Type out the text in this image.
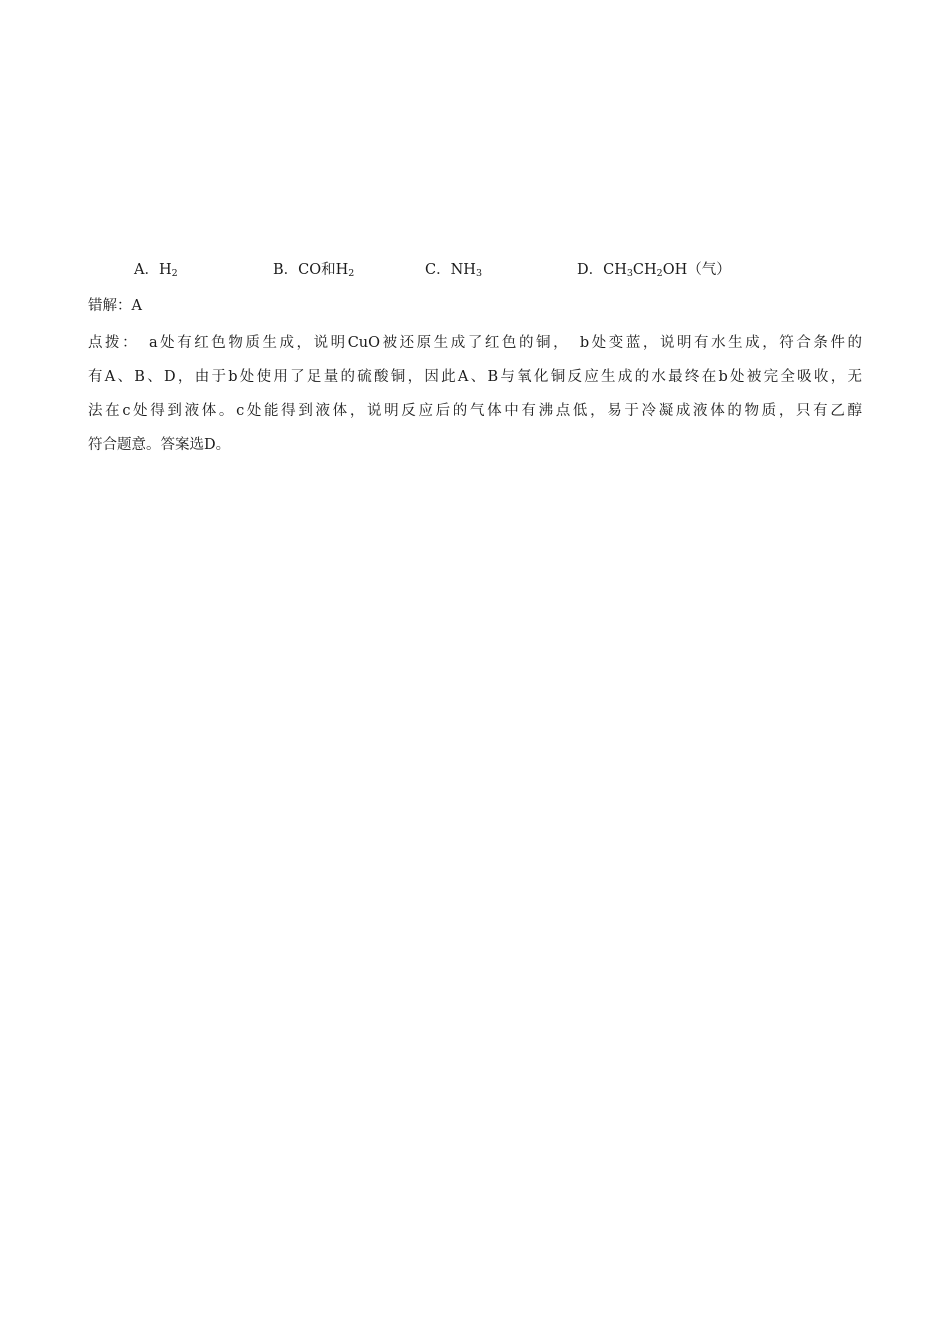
A．$H_2$	B．CO和$H_2$	C．$NH_3$	D．$CH_3CH_2OH$（气）
错解：A
点拨：　a处有红色物质生成，说明CuO被还原生成了红色的铜，　b处变蓝，说明有水生成，符合条件的
有A、B、D，由于b处使用了足量的硫酸铜，因此A、B与氧化铜反应生成的水最终在b处被完全吸收，无
法在c处得到液体。c处能得到液体，说明反应后的气体中有沸点低，易于冷凝成液体的物质，只有乙醇
符合题意。答案选D。
